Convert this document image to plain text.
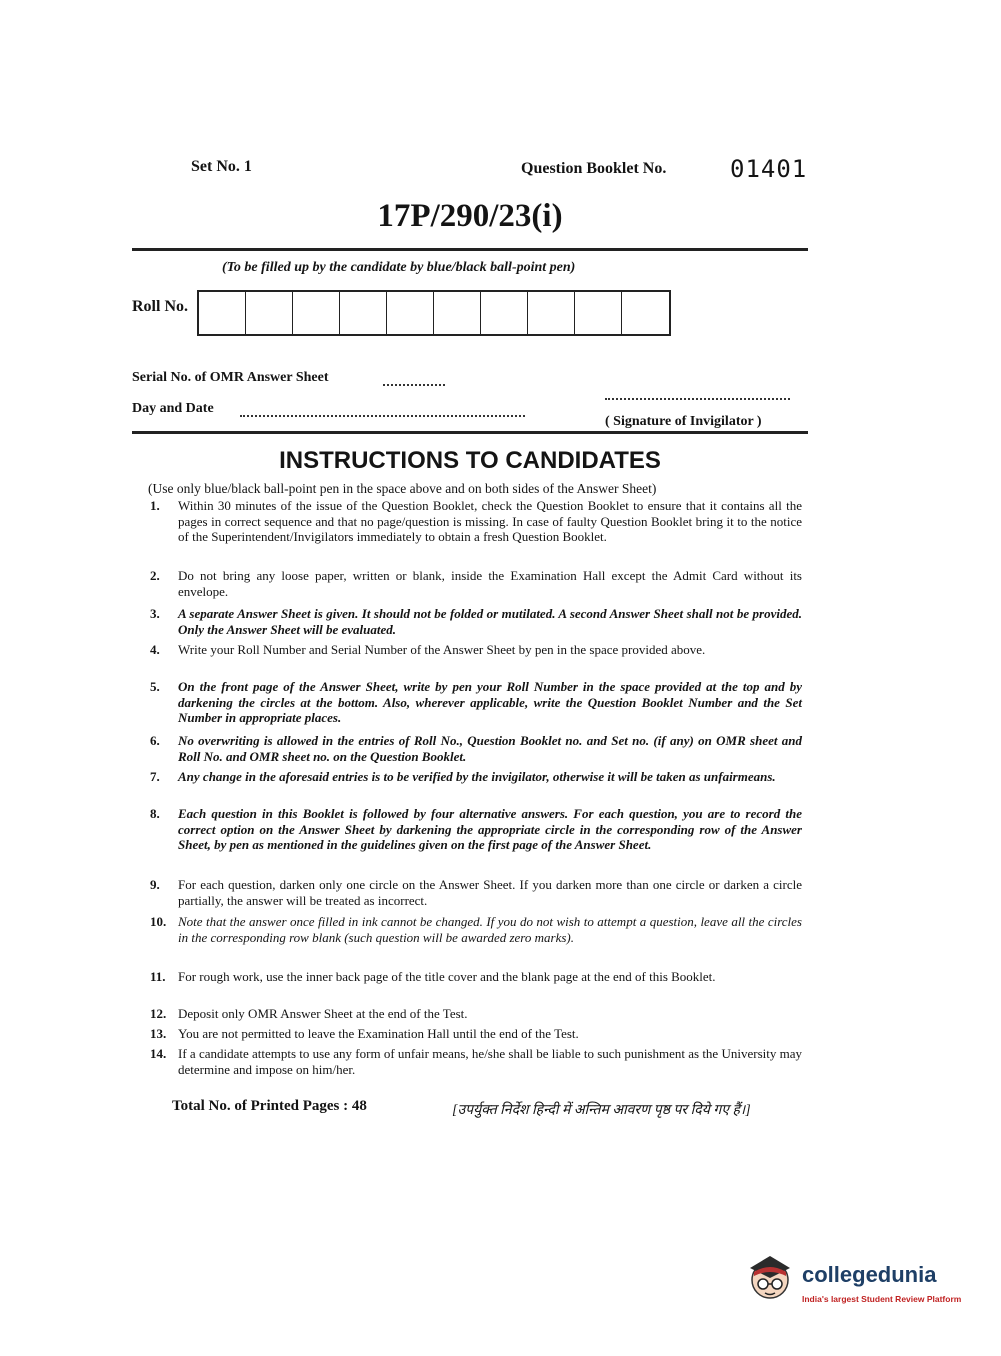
Set No. 1	Question Booklet No.	01401
17P/290/23(i)
(To be filled up by the candidate by blue/black ball-point pen)
Roll No.
Serial No. of OMR Answer Sheet
Day and Date
( Signature of Invigilator )
INSTRUCTIONS TO CANDIDATES
(Use only blue/black ball-point pen in the space above and on both sides of the Answer Sheet)
1. Within 30 minutes of the issue of the Question Booklet, check the Question Booklet to ensure that it contains all the pages in correct sequence and that no page/question is missing. In case of faulty Question Booklet bring it to the notice of the Superintendent/Invigilators immediately to obtain a fresh Question Booklet.
2. Do not bring any loose paper, written or blank, inside the Examination Hall except the Admit Card without its envelope.
3. A separate Answer Sheet is given. It should not be folded or mutilated. A second Answer Sheet shall not be provided. Only the Answer Sheet will be evaluated.
4. Write your Roll Number and Serial Number of the Answer Sheet by pen in the space provided above.
5. On the front page of the Answer Sheet, write by pen your Roll Number in the space provided at the top and by darkening the circles at the bottom. Also, wherever applicable, write the Question Booklet Number and the Set Number in appropriate places.
6. No overwriting is allowed in the entries of Roll No., Question Booklet no. and Set no. (if any) on OMR sheet and Roll No. and OMR sheet no. on the Question Booklet.
7. Any change in the aforesaid entries is to be verified by the invigilator, otherwise it will be taken as unfairmeans.
8. Each question in this Booklet is followed by four alternative answers. For each question, you are to record the correct option on the Answer Sheet by darkening the appropriate circle in the corresponding row of the Answer Sheet, by pen as mentioned in the guidelines given on the first page of the Answer Sheet.
9. For each question, darken only one circle on the Answer Sheet. If you darken more than one circle or darken a circle partially, the answer will be treated as incorrect.
10. Note that the answer once filled in ink cannot be changed. If you do not wish to attempt a question, leave all the circles in the corresponding row blank (such question will be awarded zero marks).
11. For rough work, use the inner back page of the title cover and the blank page at the end of this Booklet.
12. Deposit only OMR Answer Sheet at the end of the Test.
13. You are not permitted to leave the Examination Hall until the end of the Test.
14. If a candidate attempts to use any form of unfair means, he/she shall be liable to such punishment as the University may determine and impose on him/her.
Total No. of Printed Pages : 48	[उपर्युक्त निर्देश हिन्दी में अन्तिम आवरण पृष्ठ पर दिये गए हैं।]
collegedunia
India's largest Student Review Platform
